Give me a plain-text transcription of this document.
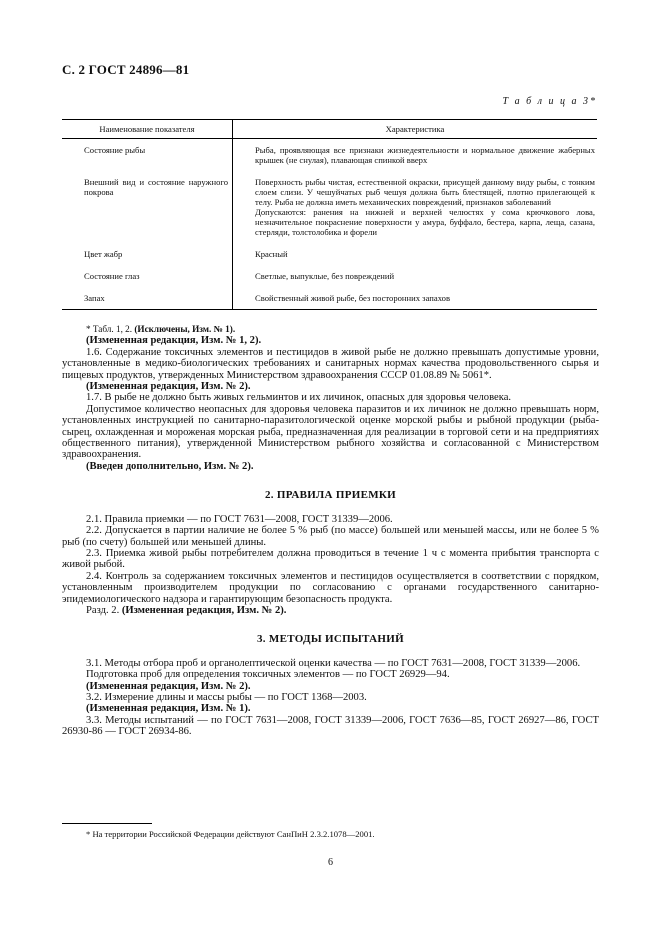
С. 2 ГОСТ 24896—81
Т а б л и ц а 3*
Наименование показателя	Характеристика

Состояние рыбы	Рыба, проявляющая все признаки жизнедеятельности и нормальное движение жаберных крышек (не снулая), плавающая спинкой вверх

Внешний вид и состояние наружного покрова	Поверхность рыбы чистая, естественной окраски, присущей данному виду рыбы, с тонким слоем слизи. У чешуйчатых рыб чешуя должна быть блестящей, плотно прилегающей к телу. Рыба не должна иметь механических повреждений, признаков заболеваний
Допускаются: ранения на нижней и верхней челюстях у сома крючкового лова, незначительное покраснение поверхности у амура, буффало, бестера, карпа, леща, сазана, стерляди, толстолобика и форели

Цвет жабр	Красный

Состояние глаз	Светлые, выпуклые, без повреждений

Запах	Свойственный живой рыбе, без посторонних запахов

* Табл. 1, 2. (Исключены, Изм. № 1).

(Измененная редакция, Изм. № 1, 2).

1.6. Содержание токсичных элементов и пестицидов в живой рыбе не должно превышать допустимые уровни, установленные в медико-биологических требованиях и санитарных нормах качества продовольственного сырья и пищевых продуктов, утвержденных Министерством здравоохранения СССР 01.08.89 № 5061*.

(Измененная редакция, Изм. № 2).

1.7. В рыбе не должно быть живых гельминтов и их личинок, опасных для здоровья человека.

Допустимое количество неопасных для здоровья человека паразитов и их личинок не должно превышать норм, установленных инструкцией по санитарно-паразитологической оценке морской рыбы и рыбной продукции (рыба-сырец, охлажденная и мороженая морская рыба, предназначенная для реализации в торговой сети и на предприятиях общественного питания), утвержденной Министерством рыбного хозяйства и согласованной с Министерством здравоохранения.

(Введен дополнительно, Изм. № 2).

2. ПРАВИЛА ПРИЕМКИ

2.1. Правила приемки — по ГОСТ 7631—2008, ГОСТ 31339—2006.

2.2. Допускается в партии наличие не более 5 % рыб (по массе) большей или меньшей массы, или не более 5 % рыб (по счету) большей или меньшей длины.

2.3. Приемка живой рыбы потребителем должна проводиться в течение 1 ч с момента прибытия транспорта с живой рыбой.

2.4. Контроль за содержанием токсичных элементов и пестицидов осуществляется в соответствии с порядком, установленным производителем продукции по согласованию с органами государственного санитарно-эпидемиологического надзора и гарантирующим безопасность продукта.

Разд. 2. (Измененная редакция, Изм. № 2).

3. МЕТОДЫ ИСПЫТАНИЙ

3.1. Методы отбора проб и органолептической оценки качества — по ГОСТ 7631—2008, ГОСТ 31339—2006.

Подготовка проб для определения токсичных элементов — по ГОСТ 26929—94.

(Измененная редакция, Изм. № 2).

3.2. Измерение длины и массы рыбы — по ГОСТ 1368—2003.

(Измененная редакция, Изм. № 1).

3.3. Методы испытаний — по ГОСТ 7631—2008, ГОСТ 31339—2006, ГОСТ 7636—85, ГОСТ 26927—86, ГОСТ 26930-86 — ГОСТ 26934-86.

* На территории Российской Федерации действуют СанПиН 2.3.2.1078—2001.
6
